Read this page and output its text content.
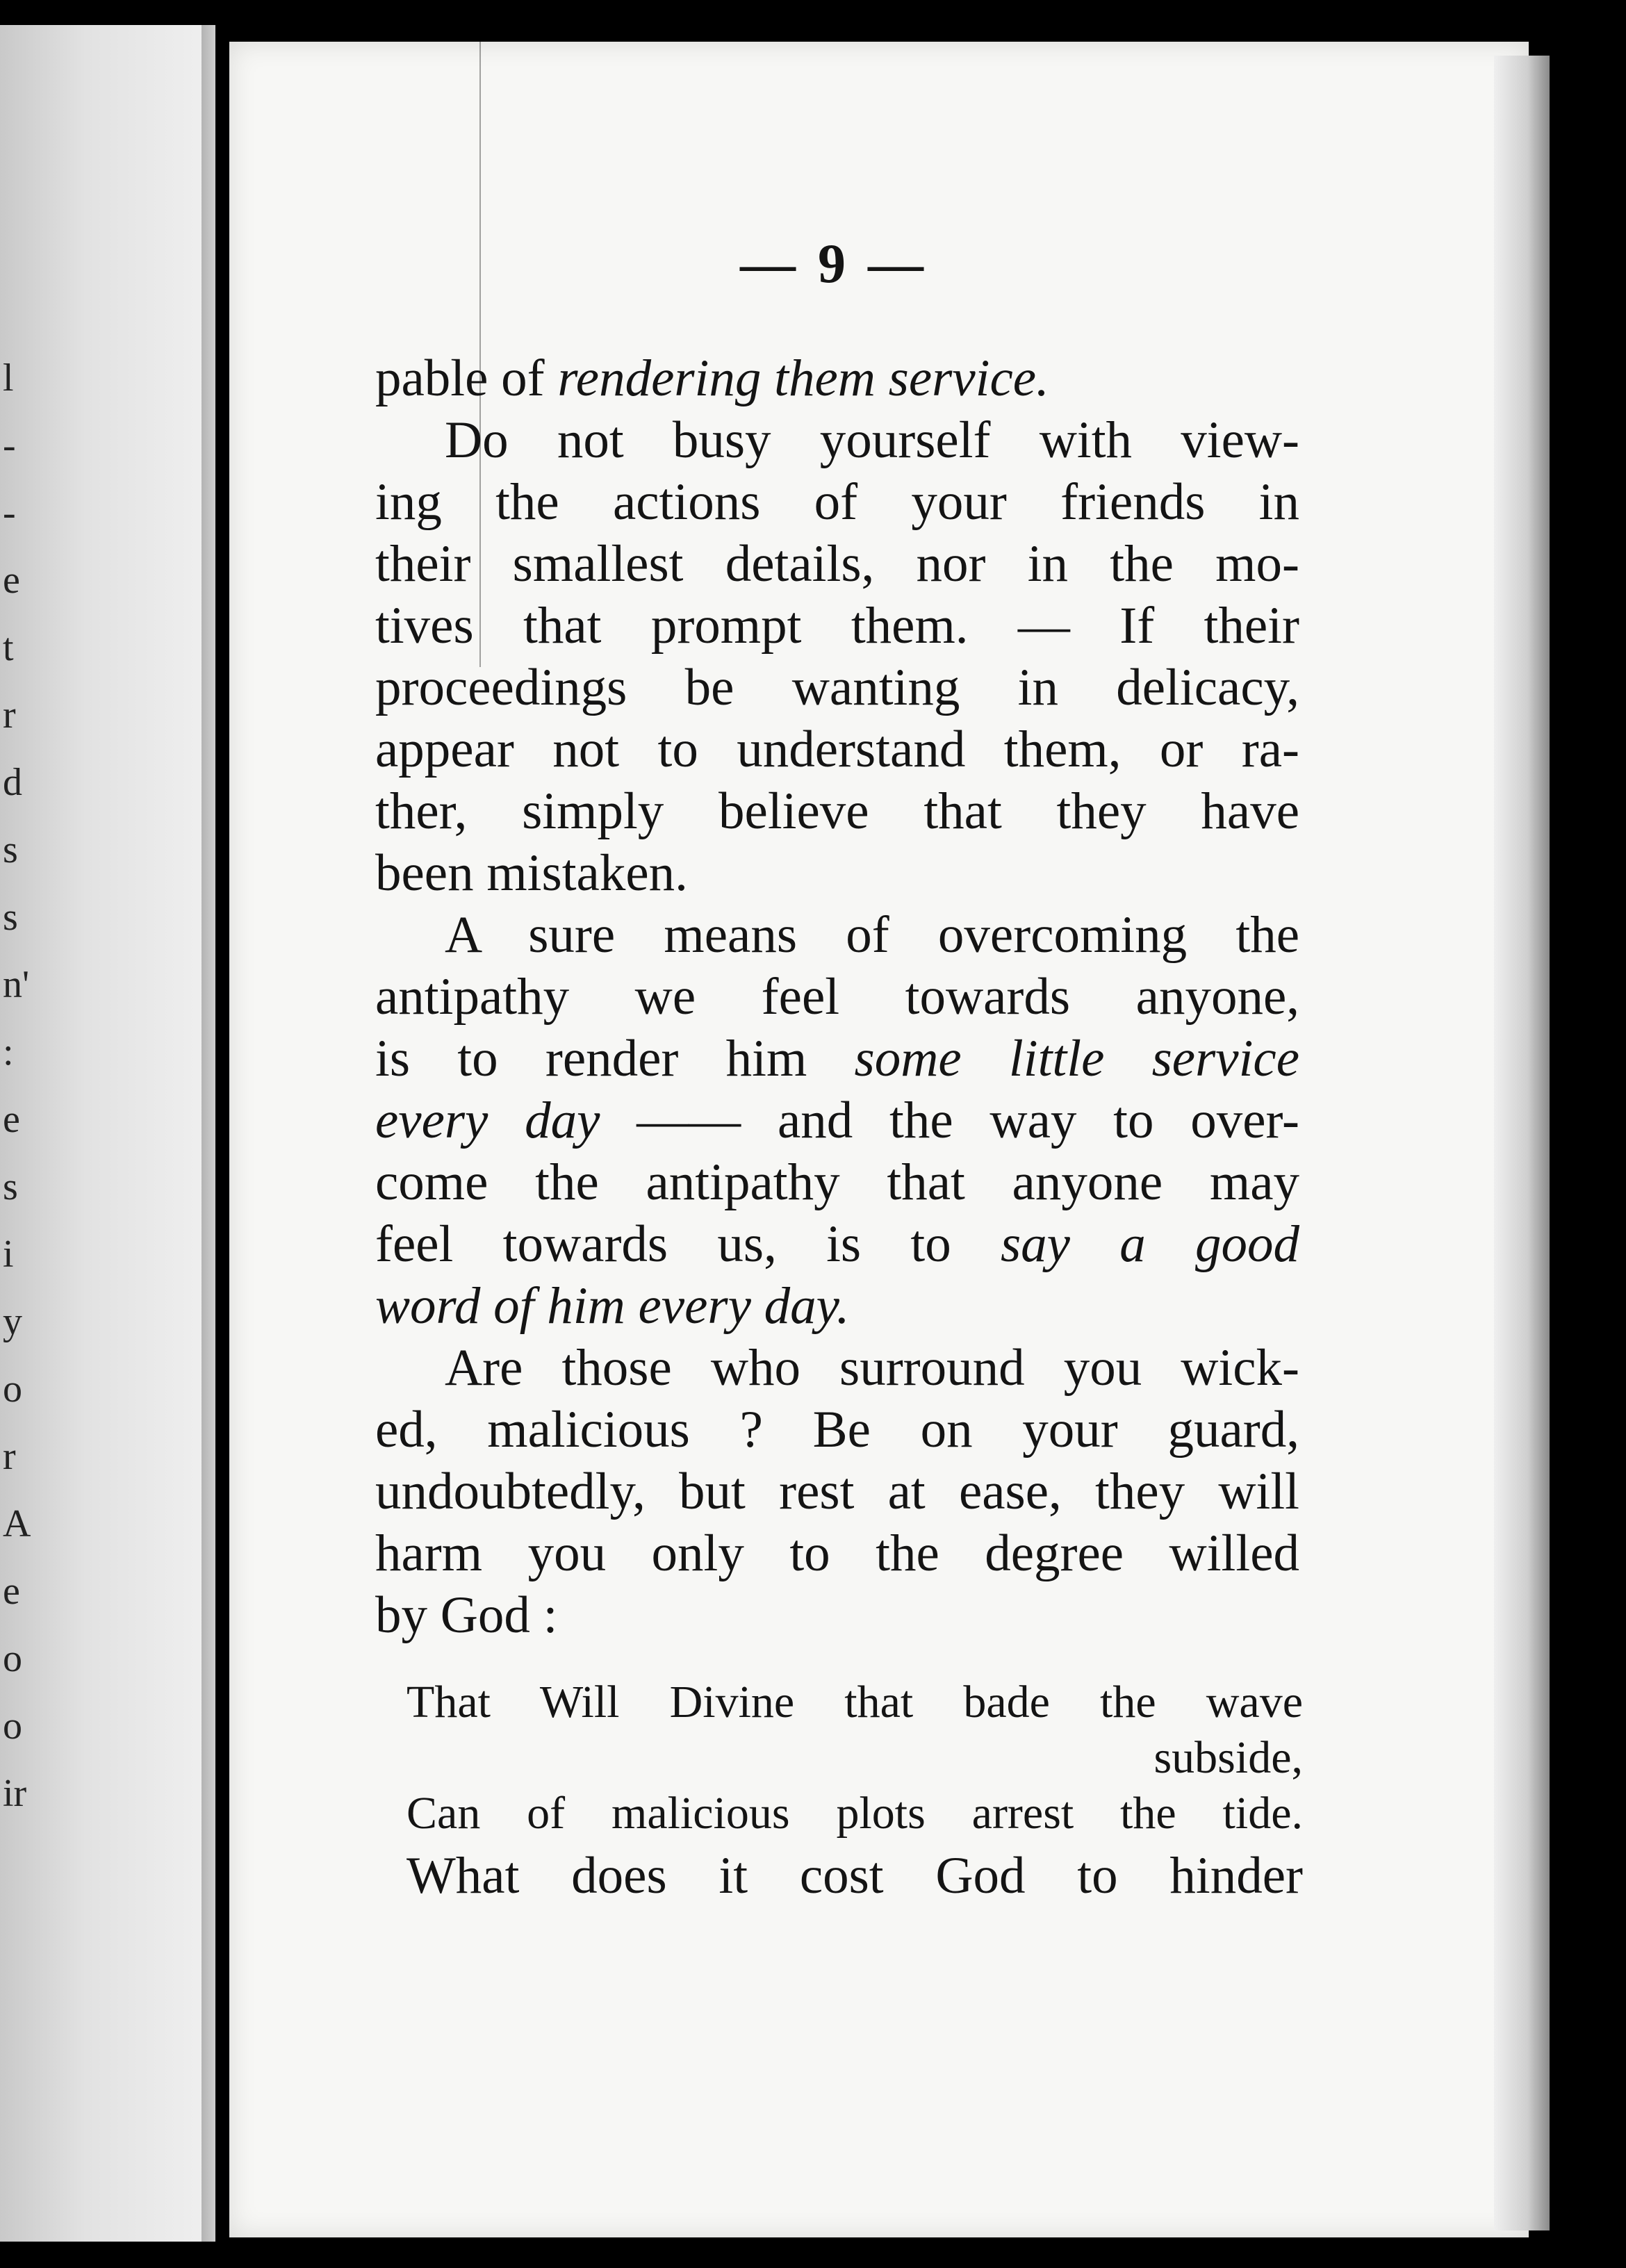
l
-
-
e
t
r
d
s
s
n'
:
e
s
i
y
o
r
A
e
o
o
ir
— 9 —
pable of rendering them service.
Do not busy yourself with view-
ing the actions of your friends in
their smallest details, nor in the mo-
tives that prompt them. — If their
proceedings be wanting in delicacy,
appear not to understand them, or ra-
ther, simply believe that they have
been mistaken.
A sure means of overcoming the
antipathy we feel towards anyone,
is to render him some little service
every day —— and the way to over-
come the antipathy that anyone may
feel towards us, is to say a good
word of him every day.
Are those who surround you wick-
ed, malicious ? Be on your guard,
undoubtedly, but rest at ease, they will
harm you only to the degree willed
by God :
That Will Divine that bade the wave
subside,
Can of malicious plots arrest the tide.
What does it cost God to hinder
